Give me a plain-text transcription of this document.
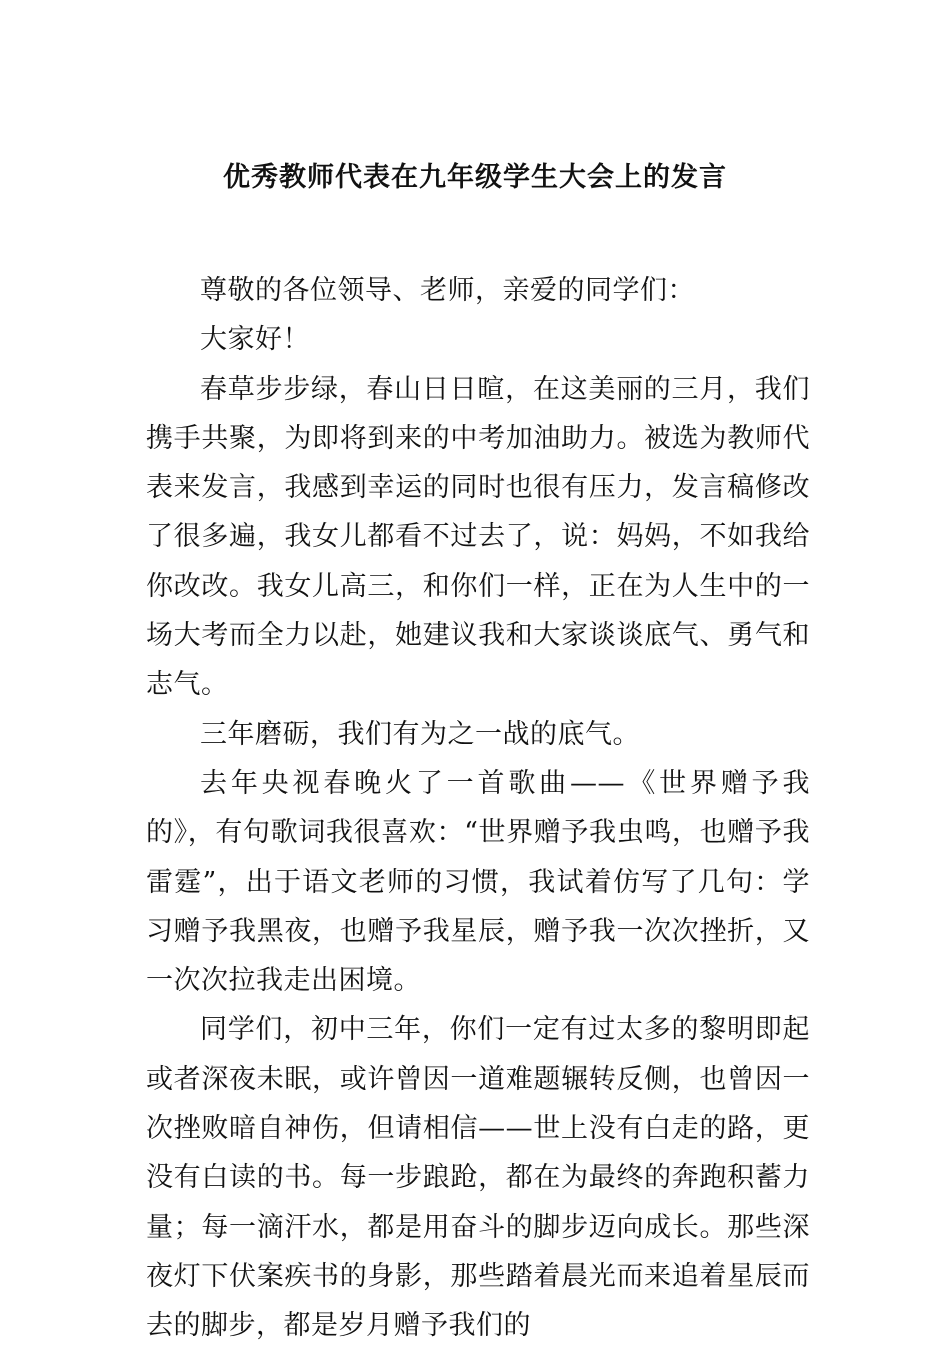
优秀教师代表在九年级学生大会上的发言

尊敬的各位领导、老师，亲爱的同学们：

大家好！

春草步步绿，春山日日暄，在这美丽的三月，我们携手共聚，为即将到来的中考加油助力。被选为教师代表来发言，我感到幸运的同时也很有压力，发言稿修改了很多遍，我女儿都看不过去了，说：妈妈，不如我给你改改。我女儿高三，和你们一样，正在为人生中的一场大考而全力以赴，她建议我和大家谈谈底气、勇气和志气。

三年磨砺，我们有为之一战的底气。

去年央视春晚火了一首歌曲——《世界赠予我的》，有句歌词我很喜欢：“世界赠予我虫鸣，也赠予我雷霆”，出于语文老师的习惯，我试着仿写了几句：学习赠予我黑夜，也赠予我星辰，赠予我一次次挫折，又一次次拉我走出困境。

同学们，初中三年，你们一定有过太多的黎明即起或者深夜未眠，或许曾因一道难题辗转反侧，也曾因一次挫败暗自神伤，但请相信——世上没有白走的路，更没有白读的书。每一步踉跄，都在为最终的奔跑积蓄力量；每一滴汗水，都是用奋斗的脚步迈向成长。那些深夜灯下伏案疾书的身影，那些踏着晨光而来追着星辰而去的脚步，都是岁月赠予我们的
